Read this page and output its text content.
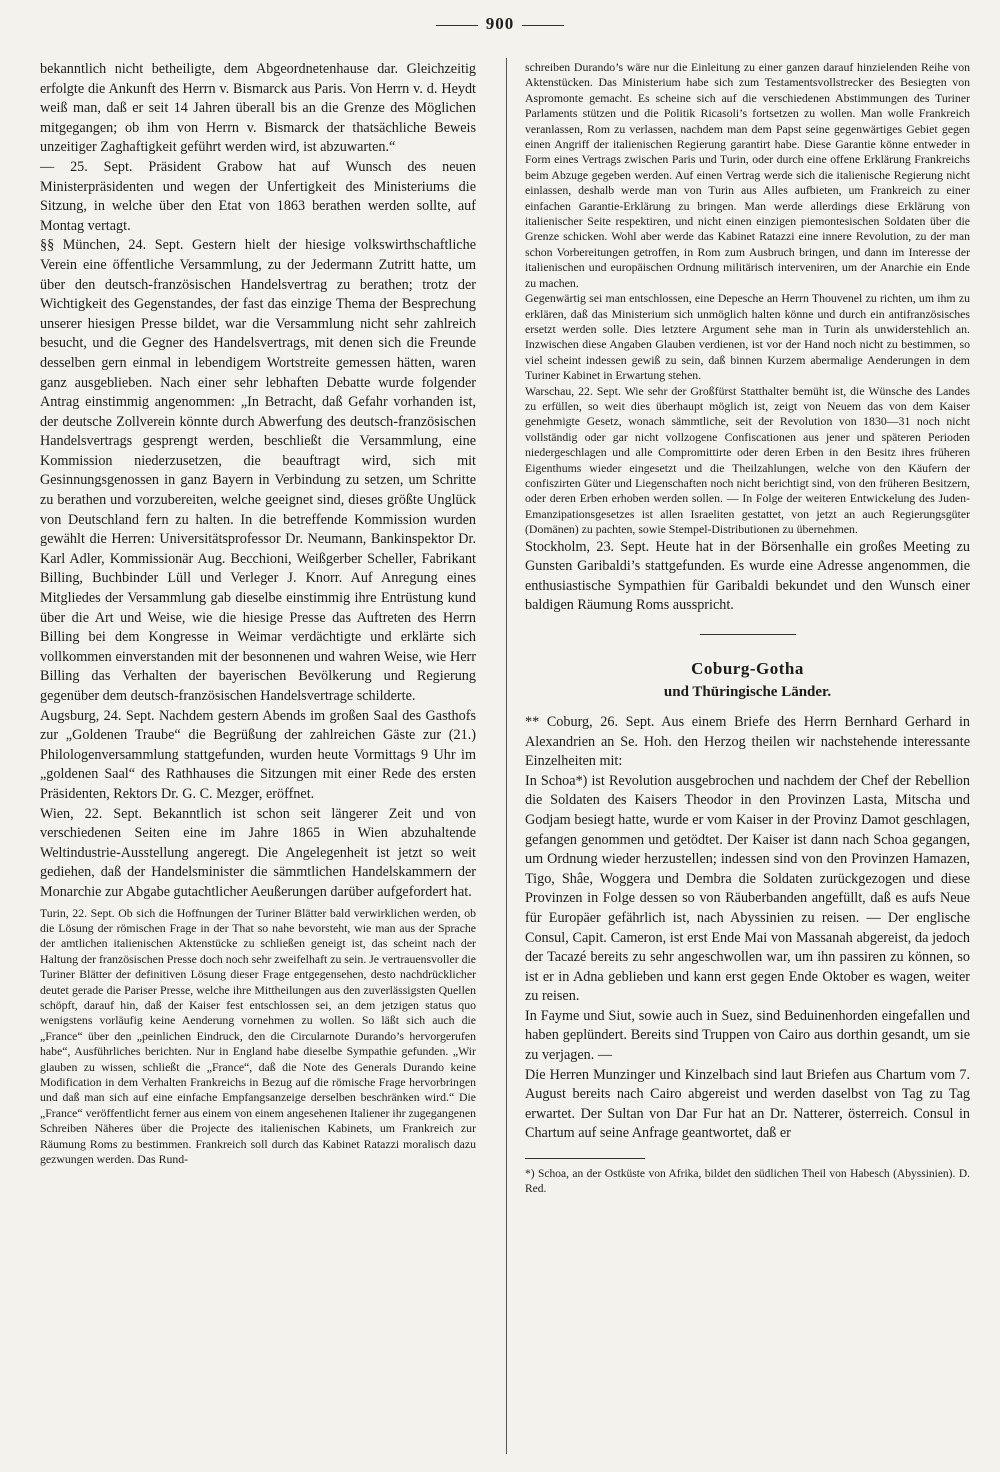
900

bekanntlich nicht betheiligte, dem Abgeordnetenhause dar. Gleichzeitig erfolgte die Ankunft des Herrn v. Bismarck aus Paris. Von Herrn v. d. Heydt weiß man, daß er seit 14 Jahren überall bis an die Grenze des Möglichen mitgegangen; ob ihm von Herrn v. Bismarck der thatsächliche Beweis unzeitiger Zaghaftigkeit geführt werden wird, ist abzuwarten.“

— 25. Sept. Präsident Grabow hat auf Wunsch des neuen Ministerpräsidenten und wegen der Unfertigkeit des Ministeriums die Sitzung, in welche über den Etat von 1863 berathen werden sollte, auf Montag vertagt.

§§ München, 24. Sept. Gestern hielt der hiesige volkswirthschaftliche Verein eine öffentliche Versammlung, zu der Jedermann Zutritt hatte, um über den deutsch-französischen Handelsvertrag zu berathen; trotz der Wichtigkeit des Gegenstandes, der fast das einzige Thema der Besprechung unserer hiesigen Presse bildet, war die Versammlung nicht sehr zahlreich besucht, und die Gegner des Handelsvertrags, mit denen sich die Freunde desselben gern einmal in lebendigem Wortstreite gemessen hätten, waren ganz ausgeblieben. Nach einer sehr lebhaften Debatte wurde folgender Antrag einstimmig angenommen: „In Betracht, daß Gefahr vorhanden ist, der deutsche Zollverein könnte durch Abwerfung des deutsch-französischen Handelsvertrags gesprengt werden, beschließt die Versammlung, eine Kommission niederzusetzen, die beauftragt wird, sich mit Gesinnungsgenossen in ganz Bayern in Verbindung zu setzen, um Schritte zu berathen und vorzubereiten, welche geeignet sind, dieses größte Unglück von Deutschland fern zu halten. In die betreffende Kommission wurden gewählt die Herren: Universitätsprofessor Dr. Neumann, Bankinspektor Dr. Karl Adler, Kommissionär Aug. Becchioni, Weißgerber Scheller, Fabrikant Billing, Buchbinder Lüll und Verleger J. Knorr. Auf Anregung eines Mitgliedes der Versammlung gab dieselbe einstimmig ihre Entrüstung kund über die Art und Weise, wie die hiesige Presse das Auftreten des Herrn Billing bei dem Kongresse in Weimar verdächtigte und erklärte sich vollkommen einverstanden mit der besonnenen und wahren Weise, wie Herr Billing das Verhalten der bayerischen Bevölkerung und Regierung gegenüber dem deutsch-französischen Handelsvertrage schilderte.

Augsburg, 24. Sept. Nachdem gestern Abends im großen Saal des Gasthofs zur „Goldenen Traube“ die Begrüßung der zahlreichen Gäste zur (21.) Philologenversammlung stattgefunden, wurden heute Vormittags 9 Uhr im „goldenen Saal“ des Rathhauses die Sitzungen mit einer Rede des ersten Präsidenten, Rektors Dr. G. C. Mezger, eröffnet.

Wien, 22. Sept. Bekanntlich ist schon seit längerer Zeit und von verschiedenen Seiten eine im Jahre 1865 in Wien abzuhaltende Weltindustrie-Ausstellung angeregt. Die Angelegenheit ist jetzt so weit gediehen, daß der Handelsminister die sämmtlichen Handelskammern der Monarchie zur Abgabe gutachtlicher Aeußerungen darüber aufgefordert hat.

Turin, 22. Sept. Ob sich die Hoffnungen der Turiner Blätter bald verwirklichen werden, ob die Lösung der römischen Frage in der That so nahe bevorsteht, wie man aus der Sprache der amtlichen italienischen Aktenstücke zu schließen geneigt ist, das scheint nach der Haltung der französischen Presse doch noch sehr zweifelhaft zu sein. Je vertrauensvoller die Turiner Blätter der definitiven Lösung dieser Frage entgegensehen, desto nachdrücklicher deutet gerade die Pariser Presse, welche ihre Mittheilungen aus den zuverlässigsten Quellen schöpft, darauf hin, daß der Kaiser fest entschlossen sei, an dem jetzigen status quo wenigstens vorläufig keine Aenderung vornehmen zu wollen. So läßt sich auch die „France“ über den „peinlichen Eindruck, den die Circularnote Durando’s hervorgerufen habe“, Ausführliches berichten. Nur in England habe dieselbe Sympathie gefunden. „Wir glauben zu wissen, schließt die „France“, daß die Note des Generals Durando keine Modification in dem Verhalten Frankreichs in Bezug auf die römische Frage hervorbringen und daß man sich auf eine einfache Empfangsanzeige derselben beschränken wird.“ Die „France“ veröffentlicht ferner aus einem von einem angesehenen Italiener ihr zugegangenen Schreiben Näheres über die Projecte des italienischen Kabinets, um Frankreich zur Räumung Roms zu bestimmen. Frankreich soll durch das Kabinet Ratazzi moralisch dazu gezwungen werden. Das Rund-

schreiben Durando’s wäre nur die Einleitung zu einer ganzen darauf hinzielenden Reihe von Aktenstücken. Das Ministerium habe sich zum Testamentsvollstrecker des Besiegten von Aspromonte gemacht. Es scheine sich auf die verschiedenen Abstimmungen des Turiner Parlaments stützen und die Politik Ricasoli’s fortsetzen zu wollen. Man wolle Frankreich veranlassen, Rom zu verlassen, nachdem man dem Papst seine gegenwärtiges Gebiet gegen einen Angriff der italienischen Regierung garantirt habe. Diese Garantie könne entweder in Form eines Vertrags zwischen Paris und Turin, oder durch eine offene Erklärung Frankreichs beim Abzuge gegeben werden. Auf einen Vertrag werde sich die italienische Regierung nicht einlassen, deshalb werde man von Turin aus Alles aufbieten, um Frankreich zu einer einfachen Garantie-Erklärung zu bringen. Man werde allerdings diese Erklärung von italienischer Seite respektiren, und nicht einen einzigen piemontesischen Soldaten über die Grenze schicken. Wohl aber werde das Kabinet Ratazzi eine innere Revolution, zu der man schon Vorbereitungen getroffen, in Rom zum Ausbruch bringen, und dann im Interesse der italienischen und europäischen Ordnung militärisch interveniren, um der Anarchie ein Ende zu machen.

Gegenwärtig sei man entschlossen, eine Depesche an Herrn Thouvenel zu richten, um ihm zu erklären, daß das Ministerium sich unmöglich halten könne und durch ein antifranzösisches ersetzt werden solle. Dies letztere Argument sehe man in Turin als unwiderstehlich an. Inzwischen diese Angaben Glauben verdienen, ist vor der Hand noch nicht zu bestimmen, so viel scheint indessen gewiß zu sein, daß binnen Kurzem abermalige Aenderungen in dem Turiner Kabinet in Erwartung stehen.

Warschau, 22. Sept. Wie sehr der Großfürst Statthalter bemüht ist, die Wünsche des Landes zu erfüllen, so weit dies überhaupt möglich ist, zeigt von Neuem das von dem Kaiser genehmigte Gesetz, wonach sämmtliche, seit der Revolution von 1830—31 noch nicht vollständig oder gar nicht vollzogene Confiscationen aus jener und späteren Perioden niedergeschlagen und alle Compromittirte oder deren Erben in den Besitz ihres früheren Eigenthums wieder eingesetzt und die Theilzahlungen, welche von den Käufern der confiszirten Güter und Liegenschaften noch nicht berichtigt sind, von den früheren Besitzern, oder deren Erben erhoben werden sollen. — In Folge der weiteren Entwickelung des Juden-Emanzipationsgesetzes ist allen Israeliten gestattet, von jetzt an auch Regierungsgüter (Domänen) zu pachten, sowie Stempel-Distributionen zu übernehmen.

Stockholm, 23. Sept. Heute hat in der Börsenhalle ein großes Meeting zu Gunsten Garibaldi’s stattgefunden. Es wurde eine Adresse angenommen, die enthusiastische Sympathien für Garibaldi bekundet und den Wunsch einer baldigen Räumung Roms ausspricht.

Coburg-Gotha
und Thüringische Länder.

** Coburg, 26. Sept. Aus einem Briefe des Herrn Bernhard Gerhard in Alexandrien an Se. Hoh. den Herzog theilen wir nachstehende interessante Einzelheiten mit:

In Schoa*) ist Revolution ausgebrochen und nachdem der Chef der Rebellion die Soldaten des Kaisers Theodor in den Provinzen Lasta, Mitscha und Godjam besiegt hatte, wurde er vom Kaiser in der Provinz Damot geschlagen, gefangen genommen und getödtet. Der Kaiser ist dann nach Schoa gegangen, um Ordnung wieder herzustellen; indessen sind von den Provinzen Hamazen, Tigo, Shâe, Woggera und Dembra die Soldaten zurückgezogen und diese Provinzen in Folge dessen so von Räuberbanden angefüllt, daß es aufs Neue für Europäer gefährlich ist, nach Abyssinien zu reisen. — Der englische Consul, Capit. Cameron, ist erst Ende Mai von Massanah abgereist, da jedoch der Tacazé bereits zu sehr angeschwollen war, um ihn passiren zu können, so ist er in Adna geblieben und kann erst gegen Ende Oktober es wagen, weiter zu reisen.

In Fayme und Siut, sowie auch in Suez, sind Beduinenhorden eingefallen und haben geplündert. Bereits sind Truppen von Cairo aus dorthin gesandt, um sie zu verjagen. —

Die Herren Munzinger und Kinzelbach sind laut Briefen aus Chartum vom 7. August bereits nach Cairo abgereist und werden daselbst von Tag zu Tag erwartet. Der Sultan von Dar Fur hat an Dr. Natterer, österreich. Consul in Chartum auf seine Anfrage geantwortet, daß er

*) Schoa, an der Ostküste von Afrika, bildet den südlichen Theil von Habesch (Abyssinien). D. Red.
